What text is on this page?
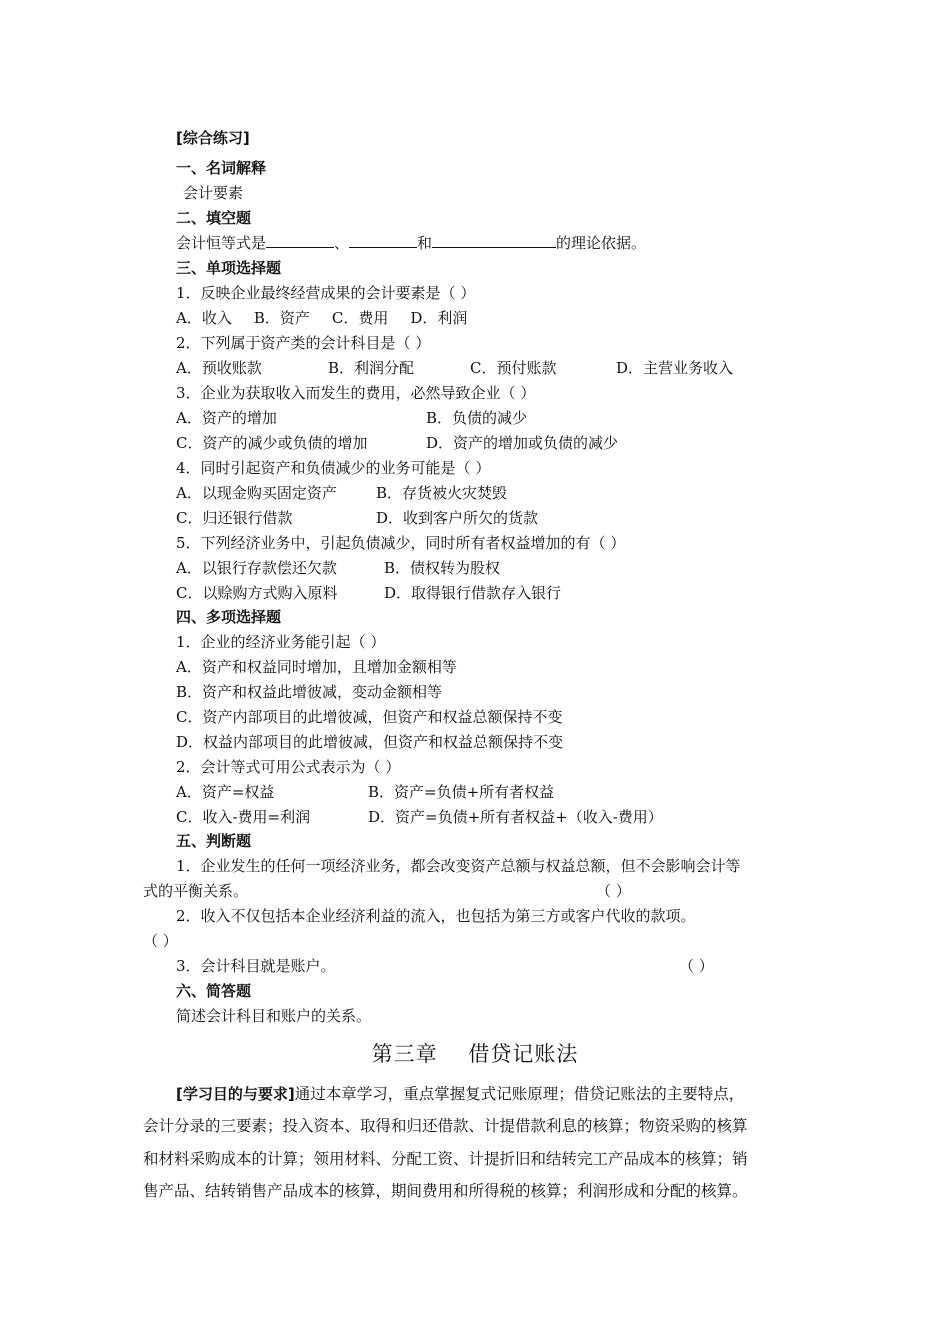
[综合练习]
一、名词解释
会计要素
二、填空题
会计恒等式是	、	和	的理论依据。
三、单项选择题
1．反映企业最终经营成果的会计要素是（ ）
A．收入 B．资产 C．费用 D．利润
2．下列属于资产类的会计科目是（ ）
A．预收账款	B．利润分配	C．预付账款	D．主营业务收入
3．企业为获取收入而发生的费用，必然导致企业（ ）
A．资产的增加	B．负债的减少
C．资产的减少或负债的增加	D．资产的增加或负债的减少
4．同时引起资产和负债减少的业务可能是（ ）
A．以现金购买固定资产	B．存货被火灾焚毁
C．归还银行借款	D．收到客户所欠的货款
5．下列经济业务中，引起负债减少，同时所有者权益增加的有（ ）
A．以银行存款偿还欠款	B．债权转为股权
C．以赊购方式购入原料	D．取得银行借款存入银行
四、多项选择题
1．企业的经济业务能引起（ ）
A．资产和权益同时增加，且增加金额相等
B．资产和权益此增彼减，变动金额相等
C．资产内部项目的此增彼减，但资产和权益总额保持不变
D．权益内部项目的此增彼减，但资产和权益总额保持不变
2．会计等式可用公式表示为（ ）
A．资产=权益	B．资产=负债+所有者权益
C．收入-费用=利润	D．资产=负债+所有者权益+（收入-费用）
五、判断题
1．企业发生的任何一项经济业务，都会改变资产总额与权益总额，但不会影响会计等
式的平衡关系。	（ ）
2．收入不仅包括本企业经济利益的流入，也包括为第三方或客户代收的款项。
（ ）
3．会计科目就是账户。	（ ）
六、简答题
简述会计科目和账户的关系。
第三章    借贷记账法
[学习目的与要求]通过本章学习，重点掌握复式记账原理；借贷记账法的主要特点，
会计分录的三要素；投入资本、取得和归还借款、计提借款利息的核算；物资采购的核算
和材料采购成本的计算；领用材料、分配工资、计提折旧和结转完工产品成本的核算；销
售产品、结转销售产品成本的核算，期间费用和所得税的核算；利润形成和分配的核算。
